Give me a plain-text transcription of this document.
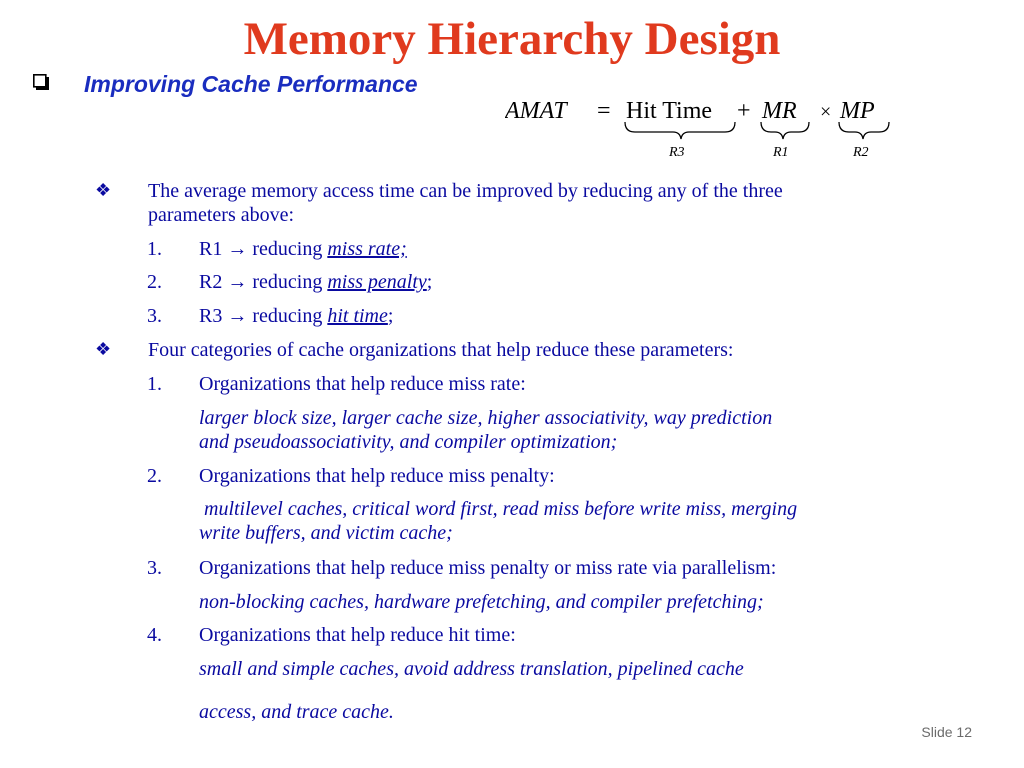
Memory Hierarchy Design
Improving Cache Performance
AMAT = Hit Time + MR × MP
R3	R1	R2
❖ The average memory access time can be improved by reducing any of the three
parameters above:
1. R1 → reducing miss rate;
2. R2 → reducing miss penalty;
3. R3 → reducing hit time;
❖ Four categories of cache organizations that help reduce these parameters:
1. Organizations that help reduce miss rate:
larger block size, larger cache size, higher associativity, way prediction
and pseudoassociativity, and compiler optimization;
2. Organizations that help reduce miss penalty:
multilevel caches, critical word first, read miss before write miss, merging
write buffers, and victim cache;
3. Organizations that help reduce miss penalty or miss rate via parallelism:
non-blocking caches, hardware prefetching, and compiler prefetching;
4. Organizations that help reduce hit time:
small and simple caches, avoid address translation, pipelined cache
access, and trace cache.
Slide 12
